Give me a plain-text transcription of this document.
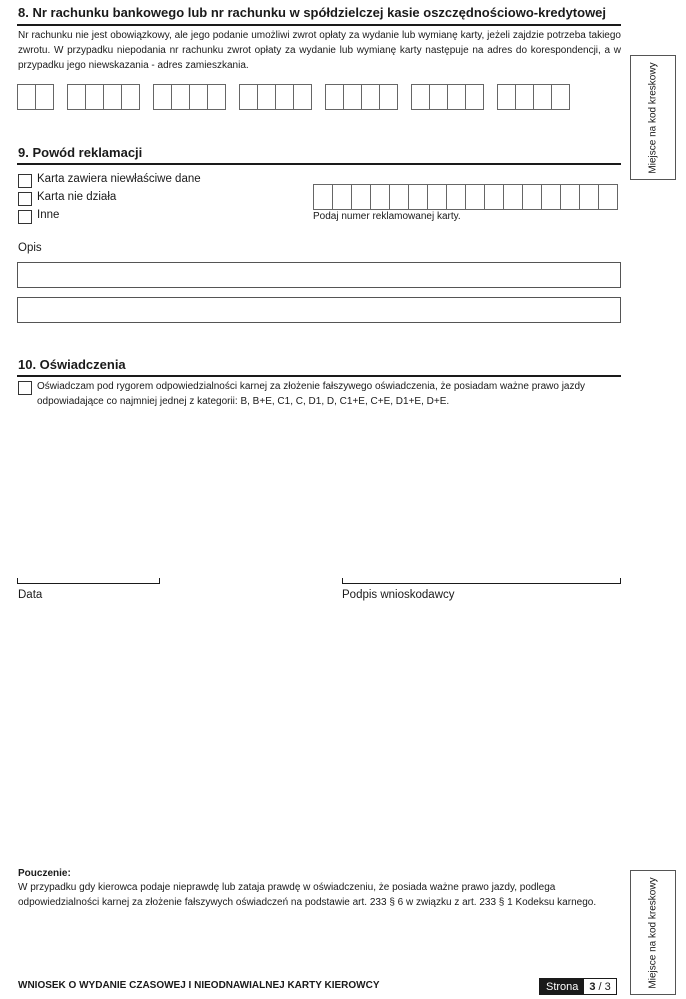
8. Nr rachunku bankowego lub nr rachunku w spółdzielczej kasie oszczędnościowo-kredytowej
Nr rachunku nie jest obowiązkowy, ale jego podanie umożliwi zwrot opłaty za wydanie lub wymianę karty, jeżeli zajdzie potrzeba takiego zwrotu. W przypadku niepodania nr rachunku zwrot opłaty za wydanie lub wymianę karty następuje na adres do korespondencji, a w przypadku jego niewskazania - adres zamieszkania.
9. Powód reklamacji
Karta zawiera niewłaściwe dane
Karta nie działa
Inne	Podaj numer reklamowanej karty.
Opis
10. Oświadczenia
Oświadczam pod rygorem odpowiedzialności karnej za złożenie fałszywego oświadczenia, że posiadam ważne prawo jazdy odpowiadające co najmniej jednej z kategorii: B, B+E, C1, C, D1, D, C1+E, C+E, D1+E, D+E.
Data	Podpis wnioskodawcy
Pouczenie:
W przypadku gdy kierowca podaje nieprawdę lub zataja prawdę w oświadczeniu, że posiada ważne prawo jazdy, podlega odpowiedzialności karnej za złożenie fałszywych oświadczeń na podstawie art. 233 § 6 w związku z art. 233 § 1 Kodeksu karnego.
Miejsce na kod kreskowy
Miejsce na kod kreskowy
WNIOSEK O WYDANIE CZASOWEJ I NIEODNAWIALNEJ KARTY KIEROWCY	Strona	3 / 3
